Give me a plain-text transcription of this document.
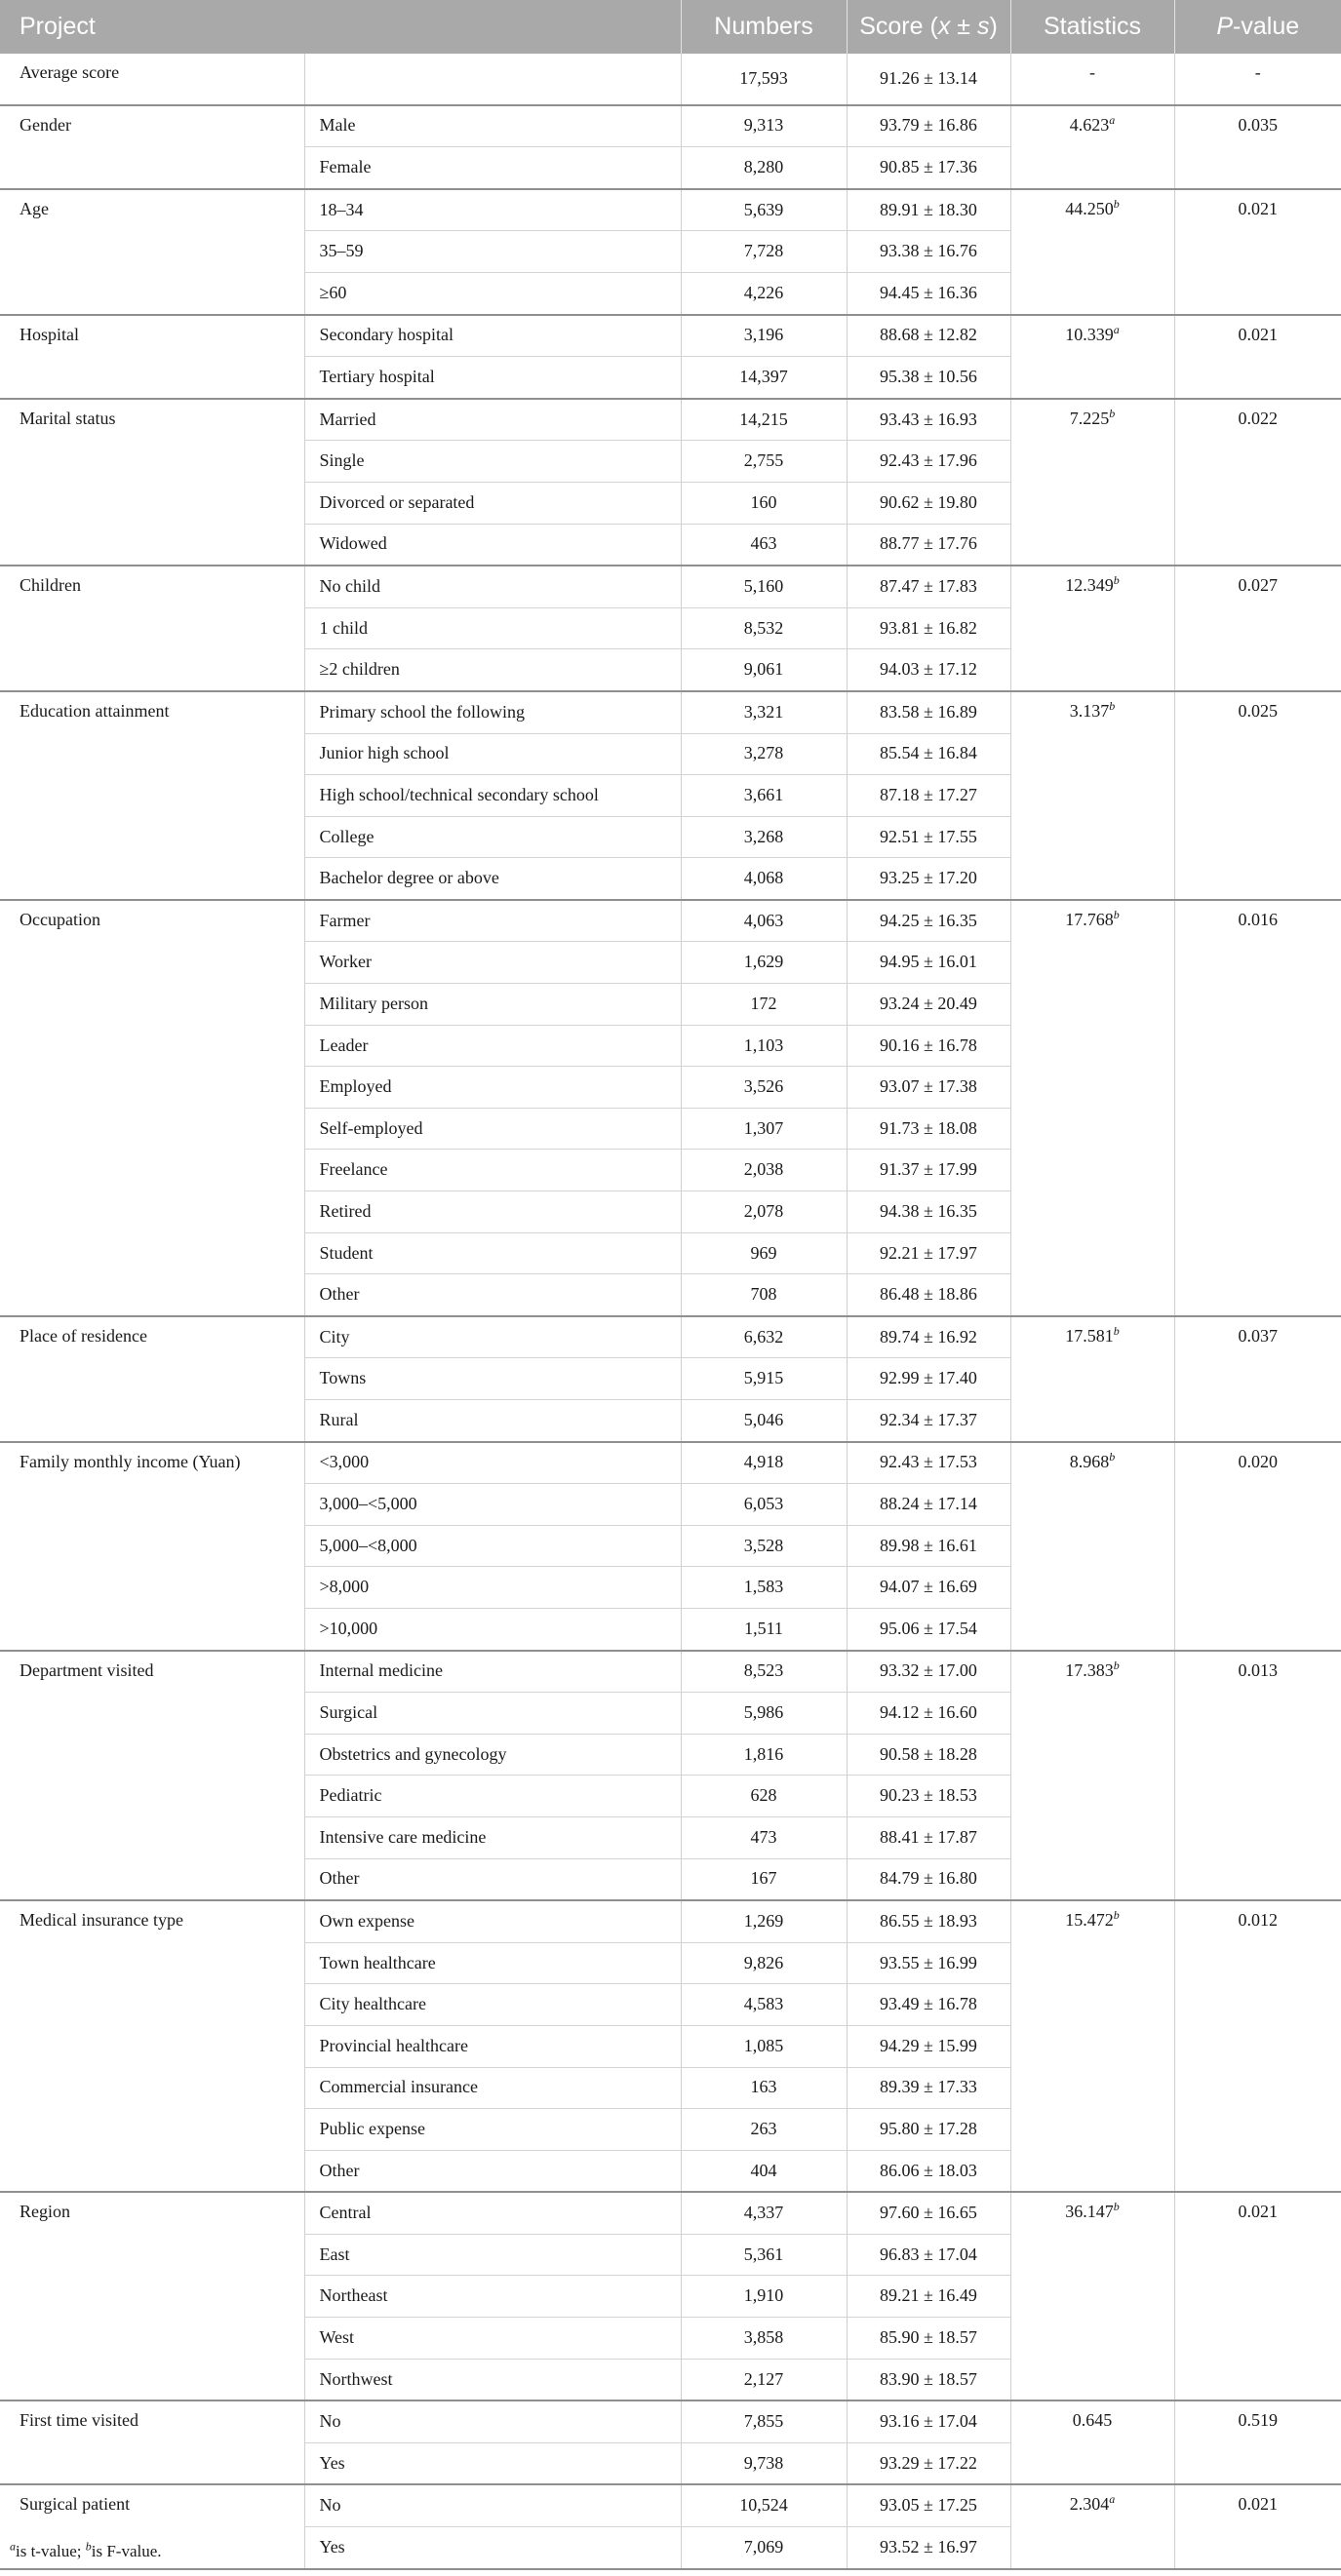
Project		Numbers	Score (x ± s)	Statistics	P-value
Average score		17,593	91.26 ± 13.14	-	-
Gender	Male	9,313	93.79 ± 16.86	4.623$^a$	0.035
	Female	8,280	90.85 ± 17.36		
Age	18–34	5,639	89.91 ± 18.30	44.250$^b$	0.021
	35–59	7,728	93.38 ± 16.76		
	≥60	4,226	94.45 ± 16.36		
Hospital	Secondary hospital	3,196	88.68 ± 12.82	10.339$^a$	0.021
	Tertiary hospital	14,397	95.38 ± 10.56		
Marital status	Married	14,215	93.43 ± 16.93	7.225$^b$	0.022
	Single	2,755	92.43 ± 17.96		
	Divorced or separated	160	90.62 ± 19.80		
	Widowed	463	88.77 ± 17.76		
Children	No child	5,160	87.47 ± 17.83	12.349$^b$	0.027
	1 child	8,532	93.81 ± 16.82		
	≥2 children	9,061	94.03 ± 17.12		
Education attainment	Primary school the following	3,321	83.58 ± 16.89	3.137$^b$	0.025
	Junior high school	3,278	85.54 ± 16.84		
	High school/technical secondary school	3,661	87.18 ± 17.27		
	College	3,268	92.51 ± 17.55		
	Bachelor degree or above	4,068	93.25 ± 17.20		
Occupation	Farmer	4,063	94.25 ± 16.35	17.768$^b$	0.016
	Worker	1,629	94.95 ± 16.01		
	Military person	172	93.24 ± 20.49		
	Leader	1,103	90.16 ± 16.78		
	Employed	3,526	93.07 ± 17.38		
	Self-employed	1,307	91.73 ± 18.08		
	Freelance	2,038	91.37 ± 17.99		
	Retired	2,078	94.38 ± 16.35		
	Student	969	92.21 ± 17.97		
	Other	708	86.48 ± 18.86		
Place of residence	City	6,632	89.74 ± 16.92	17.581$^b$	0.037
	Towns	5,915	92.99 ± 17.40		
	Rural	5,046	92.34 ± 17.37		
Family monthly income (Yuan)	<3,000	4,918	92.43 ± 17.53	8.968$^b$	0.020
	3,000–<5,000	6,053	88.24 ± 17.14		
	5,000–<8,000	3,528	89.98 ± 16.61		
	>8,000	1,583	94.07 ± 16.69		
	>10,000	1,511	95.06 ± 17.54		
Department visited	Internal medicine	8,523	93.32 ± 17.00	17.383$^b$	0.013
	Surgical	5,986	94.12 ± 16.60		
	Obstetrics and gynecology	1,816	90.58 ± 18.28		
	Pediatric	628	90.23 ± 18.53		
	Intensive care medicine	473	88.41 ± 17.87		
	Other	167	84.79 ± 16.80		
Medical insurance type	Own expense	1,269	86.55 ± 18.93	15.472$^b$	0.012
	Town healthcare	9,826	93.55 ± 16.99		
	City healthcare	4,583	93.49 ± 16.78		
	Provincial healthcare	1,085	94.29 ± 15.99		
	Commercial insurance	163	89.39 ± 17.33		
	Public expense	263	95.80 ± 17.28		
	Other	404	86.06 ± 18.03		
Region	Central	4,337	97.60 ± 16.65	36.147$^b$	0.021
	East	5,361	96.83 ± 17.04		
	Northeast	1,910	89.21 ± 16.49		
	West	3,858	85.90 ± 18.57		
	Northwest	2,127	83.90 ± 18.57		
First time visited	No	7,855	93.16 ± 17.04	0.645	0.519
	Yes	9,738	93.29 ± 17.22		
Surgical patient	No	10,524	93.05 ± 17.25	2.304$^a$	0.021
	Yes	7,069	93.52 ± 16.97		
$^a$is t-value; $^b$is F-value.
